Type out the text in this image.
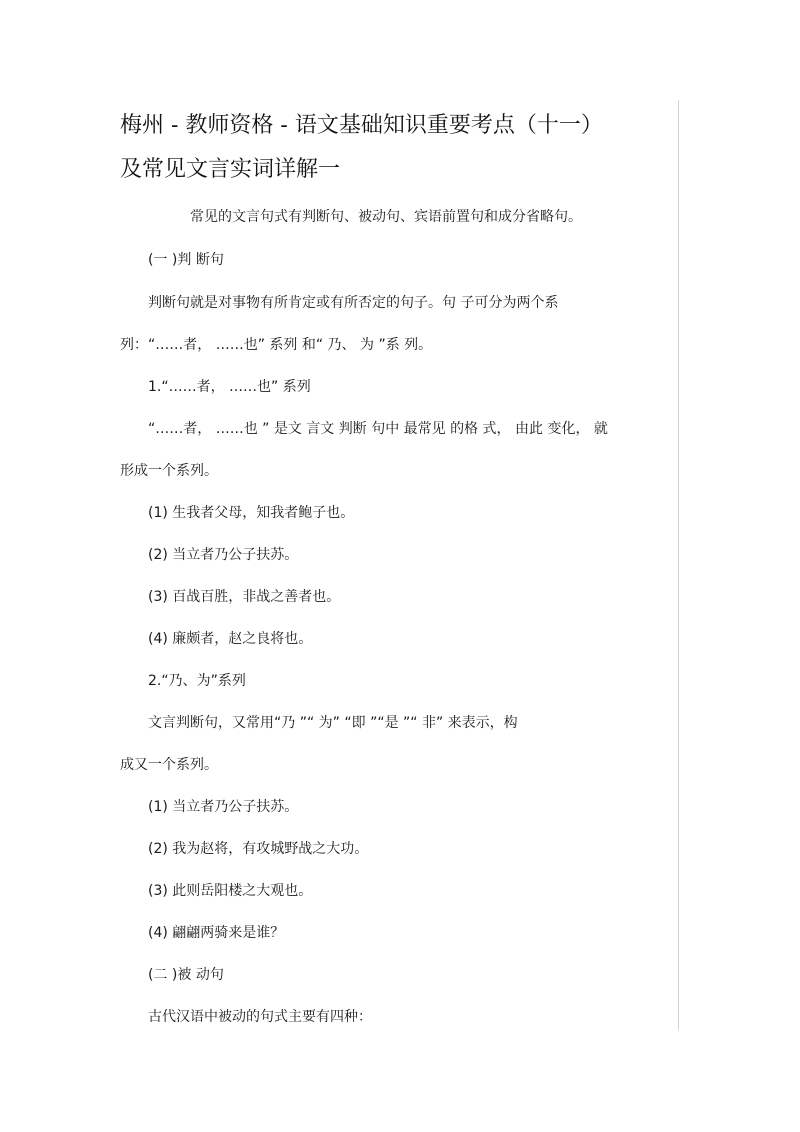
梅州 - 教师资格 - 语文基础知识重要考点（十一）
及常见文言实词详解一
常见的文言句式有判断句、被动句、宾语前置句和成分省略句。
(一 )判 断句
判断句就是对事物有所肯定或有所否定的句子。句 子可分为两个系
列：“……者， ……也” 系列 和“ 乃、 为 ”系 列。
1.“……者， ……也” 系列
“……者， ……也 ” 是文 言文 判断 句中 最常见 的格 式， 由此 变化， 就
形成一个系列。
(1) 生我者父母，知我者鲍子也。
(2) 当立者乃公子扶苏。
(3) 百战百胜，非战之善者也。
(4) 廉颇者，赵之良将也。
2.“乃、为”系列
文言判断句，又常用“乃 ”“ 为” “即 ”“是 ”“ 非” 来表示，构
成又一个系列。
(1) 当立者乃公子扶苏。
(2) 我为赵将，有攻城野战之大功。
(3) 此则岳阳楼之大观也。
(4) 翩翩两骑来是谁？
(二 )被 动句
古代汉语中被动的句式主要有四种：
